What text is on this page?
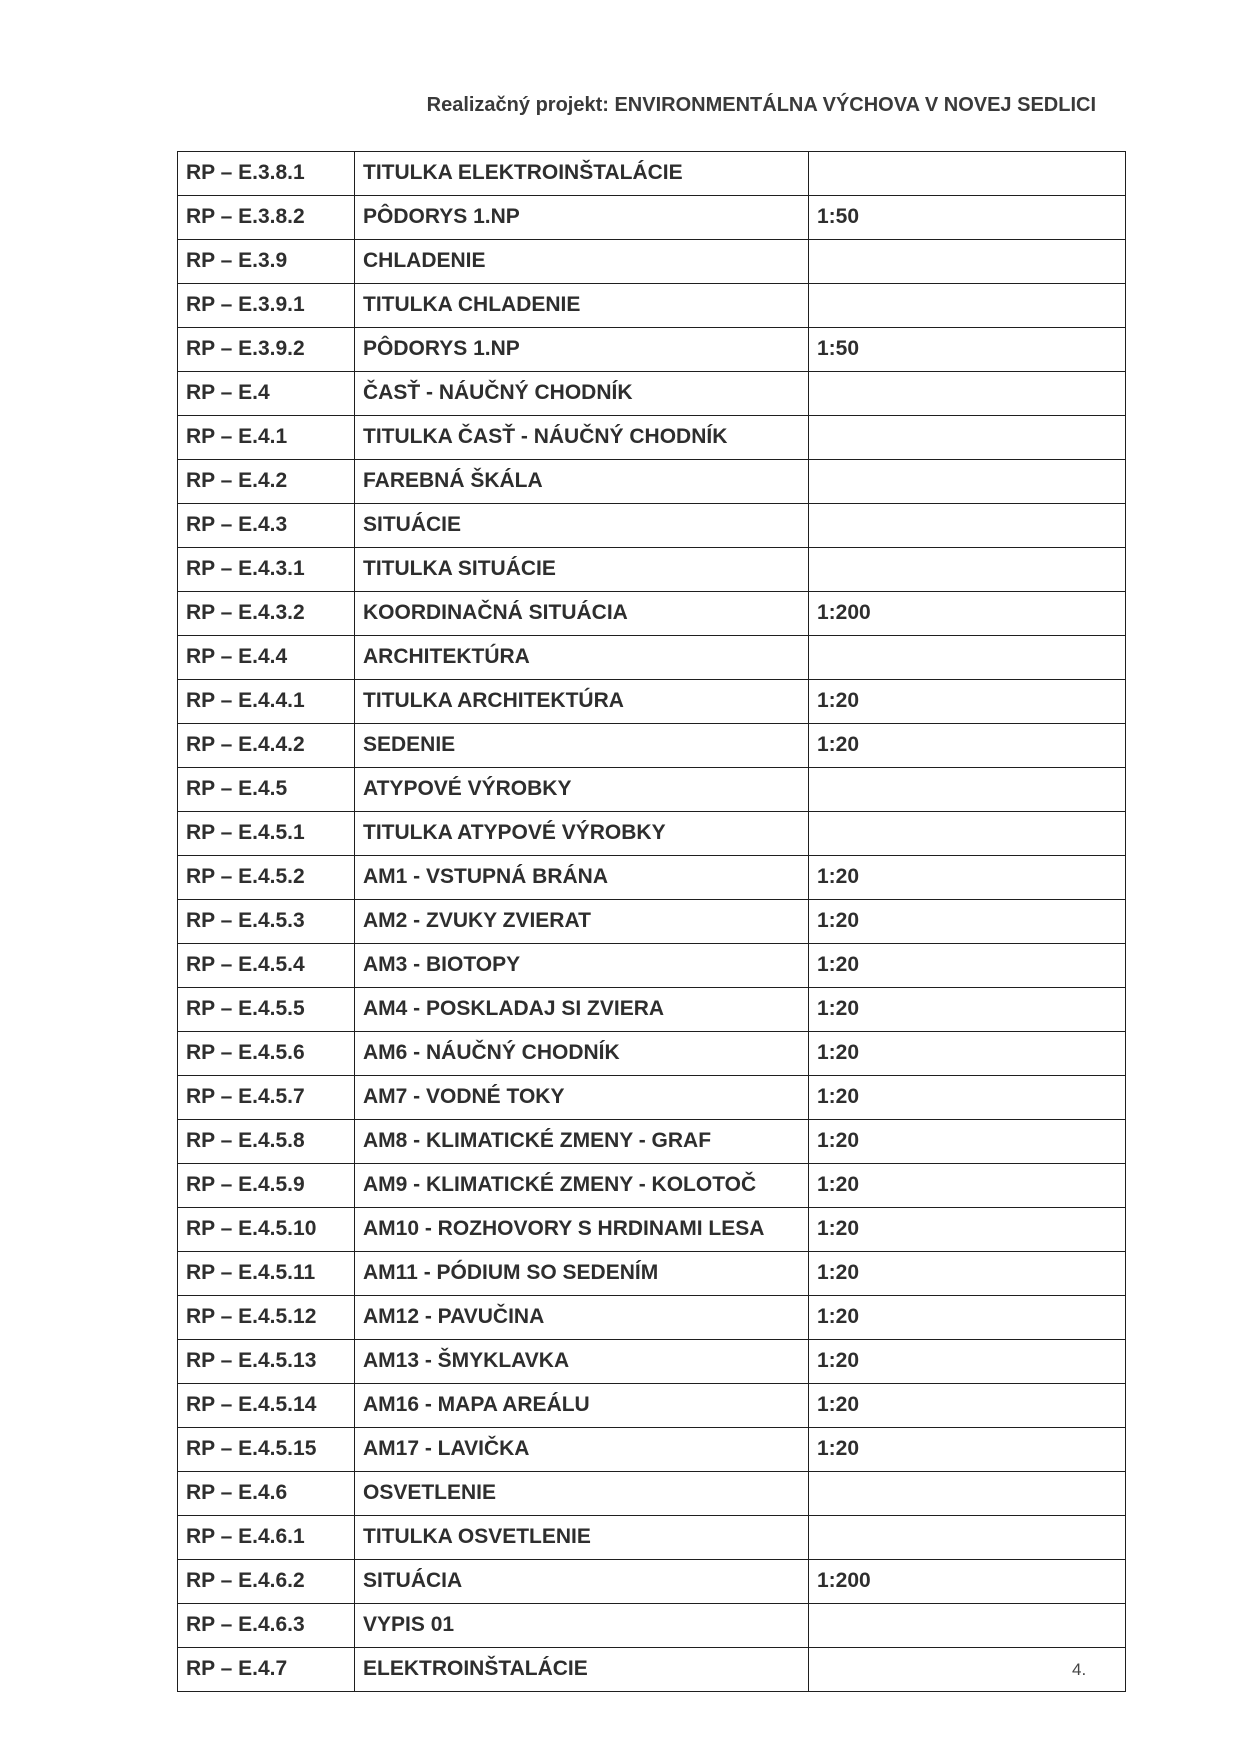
Realizačný projekt: ENVIRONMENTÁLNA VÝCHOVA V NOVEJ SEDLICI
RP – E.3.8.1	TITULKA ELEKTROINŠTALÁCIE	
RP – E.3.8.2	PÔDORYS 1.NP	1:50
RP – E.3.9	CHLADENIE	
RP – E.3.9.1	TITULKA CHLADENIE	
RP – E.3.9.2	PÔDORYS 1.NP	1:50
RP – E.4	ČASŤ - NÁUČNÝ CHODNÍK	
RP – E.4.1	TITULKA ČASŤ - NÁUČNÝ CHODNÍK	
RP – E.4.2	FAREBNÁ ŠKÁLA	
RP – E.4.3	SITUÁCIE	
RP – E.4.3.1	TITULKA SITUÁCIE	
RP – E.4.3.2	KOORDINAČNÁ SITUÁCIA	1:200
RP – E.4.4	ARCHITEKTÚRA	
RP – E.4.4.1	TITULKA ARCHITEKTÚRA	1:20
RP – E.4.4.2	SEDENIE	1:20
RP – E.4.5	ATYPOVÉ VÝROBKY	
RP – E.4.5.1	TITULKA ATYPOVÉ VÝROBKY	
RP – E.4.5.2	AM1 - VSTUPNÁ BRÁNA	1:20
RP – E.4.5.3	AM2 - ZVUKY ZVIERAT	1:20
RP – E.4.5.4	AM3 - BIOTOPY	1:20
RP – E.4.5.5	AM4 - POSKLADAJ SI ZVIERA	1:20
RP – E.4.5.6	AM6 - NÁUČNÝ CHODNÍK	1:20
RP – E.4.5.7	AM7 - VODNÉ TOKY	1:20
RP – E.4.5.8	AM8 - KLIMATICKÉ ZMENY - GRAF	1:20
RP – E.4.5.9	AM9 - KLIMATICKÉ ZMENY - KOLOTOČ	1:20
RP – E.4.5.10	AM10 - ROZHOVORY S HRDINAMI LESA	1:20
RP – E.4.5.11	AM11 - PÓDIUM SO SEDENÍM	1:20
RP – E.4.5.12	AM12 - PAVUČINA	1:20
RP – E.4.5.13	AM13 - ŠMYKLAVKA	1:20
RP – E.4.5.14	AM16 - MAPA AREÁLU	1:20
RP – E.4.5.15	AM17 - LAVIČKA	1:20
RP – E.4.6	OSVETLENIE	
RP – E.4.6.1	TITULKA OSVETLENIE	
RP – E.4.6.2	SITUÁCIA	1:200
RP – E.4.6.3	VYPIS 01	
RP – E.4.7	ELEKTROINŠTALÁCIE		4.
